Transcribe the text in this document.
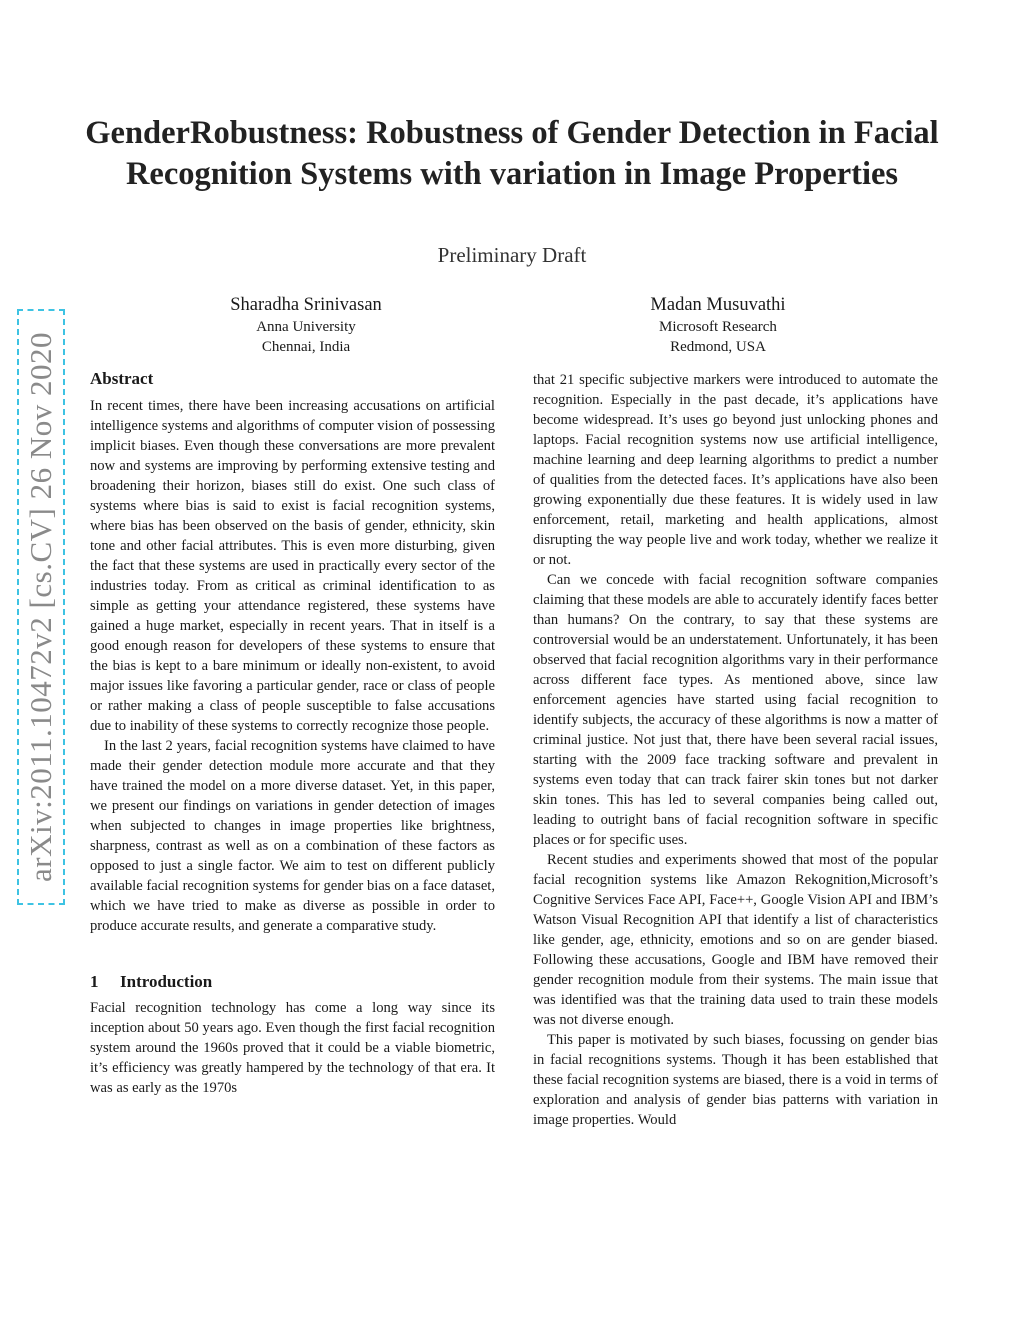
arXiv:2011.10472v2 [cs.CV] 26 Nov 2020
GenderRobustness: Robustness of Gender Detection in Facial Recognition Systems with variation in Image Properties
Preliminary Draft
Sharadha Srinivasan
Anna University
Chennai, India
Madan Musuvathi
Microsoft Research
Redmond, USA
Abstract

In recent times, there have been increasing accusations on artificial intelligence systems and algorithms of computer vision of possessing implicit biases. Even though these conversations are more prevalent now and systems are improving by performing extensive testing and broadening their horizon, biases still do exist. One such class of systems where bias is said to exist is facial recognition systems, where bias has been observed on the basis of gender, ethnicity, skin tone and other facial attributes. This is even more disturbing, given the fact that these systems are used in practically every sector of the industries today. From as critical as criminal identification to as simple as getting your attendance registered, these systems have gained a huge market, especially in recent years. That in itself is a good enough reason for developers of these systems to ensure that the bias is kept to a bare minimum or ideally non-existent, to avoid major issues like favoring a particular gender, race or class of people or rather making a class of people susceptible to false accusations due to inability of these systems to correctly recognize those people.

In the last 2 years, facial recognition systems have claimed to have made their gender detection module more accurate and that they have trained the model on a more diverse dataset. Yet, in this paper, we present our findings on variations in gender detection of images when subjected to changes in image properties like brightness, sharpness, contrast as well as on a combination of these factors as opposed to just a single factor. We aim to test on different publicly available facial recognition systems for gender bias on a face dataset, which we have tried to make as diverse as possible in order to produce accurate results, and generate a comparative study.

1 Introduction

Facial recognition technology has come a long way since its inception about 50 years ago. Even though the first facial recognition system around the 1960s proved that it could be a viable biometric, it’s efficiency was greatly hampered by the technology of that era. It was as early as the 1970s

that 21 specific subjective markers were introduced to automate the recognition. Especially in the past decade, it’s applications have become widespread. It’s uses go beyond just unlocking phones and laptops. Facial recognition systems now use artificial intelligence, machine learning and deep learning algorithms to predict a number of qualities from the detected faces. It’s applications have also been growing exponentially due these features. It is widely used in law enforcement, retail, marketing and health applications, almost disrupting the way people live and work today, whether we realize it or not.

Can we concede with facial recognition software companies claiming that these models are able to accurately identify faces better than humans? On the contrary, to say that these systems are controversial would be an understatement. Unfortunately, it has been observed that facial recognition algorithms vary in their performance across different face types. As mentioned above, since law enforcement agencies have started using facial recognition to identify subjects, the accuracy of these algorithms is now a matter of criminal justice. Not just that, there have been several racial issues, starting with the 2009 face tracking software and prevalent in systems even today that can track fairer skin tones but not darker skin tones. This has led to several companies being called out, leading to outright bans of facial recognition software in specific places or for specific uses.

Recent studies and experiments showed that most of the popular facial recognition systems like Amazon Rekognition,Microsoft’s Cognitive Services Face API, Face++, Google Vision API and IBM’s Watson Visual Recognition API that identify a list of characteristics like gender, age, ethnicity, emotions and so on are gender biased. Following these accusations, Google and IBM have removed their gender recognition module from their systems. The main issue that was identified was that the training data used to train these models was not diverse enough.

This paper is motivated by such biases, focussing on gender bias in facial recognitions systems. Though it has been established that these facial recognition systems are biased, there is a void in terms of exploration and analysis of gender bias patterns with variation in image properties. Would
